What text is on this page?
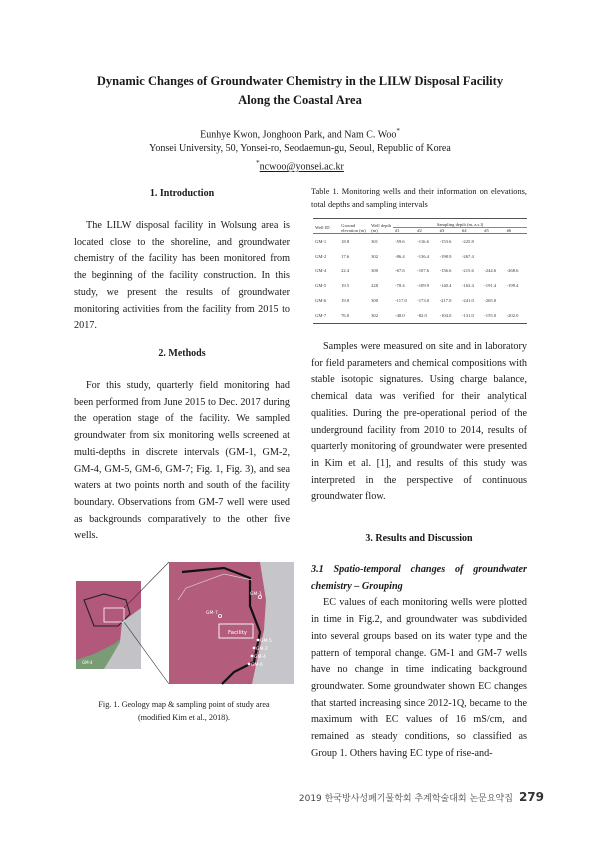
Dynamic Changes of Groundwater Chemistry in the LILW Disposal Facility
Along the Coastal Area
Eunhye Kwon, Jonghoon Park, and Nam C. Woo*
Yonsei University, 50, Yonsei-ro, Seodaemun-gu, Seoul, Republic of Korea
*ncwoo@yonsei.ac.kr
1. Introduction

The LILW disposal facility in Wolsung area is located close to the shoreline, and groundwater chemistry of the facility has been monitored from the beginning of the facility construction. In this study, we present the results of groundwater monitoring activities from the facility from 2015 to 2017.

2. Methods

For this study, quarterly field monitoring had been performed from June 2015 to Dec. 2017 during the operation stage of the facility. We sampled groundwater from six monitoring wells screened at multi-depths in discrete intervals (GM-1, GM-2, GM-4, GM-5, GM-6, GM-7; Fig. 1, Fig. 3), and sea waters at two points north and south of the facility boundary. Observations from GM-7 well were used as backgrounds comparatively to the other five wells.

GM-4
Facility
GM-1
GM-7
GM-5
GM-2
GM-4
GM-6
Fig. 1. Geology map & sampling point of study area
(modified Kim et al., 2018).
Table 1. Monitoring wells and their information on elevations, total depths and sampling intervals
Well ID	Ground elevation (m)	Well depth (m)	Sampling depth (m, a.s.l)					
			#1	#2	#3	#4	#5	#6
GM-1	18.8	301	-59.6	-116.6	-153.6	-225.8		
GM-2	17.6	302	-86.4	-136.4	-198.9	-267.4		
GM-4	22.4	300	-67.6	-107.6	-156.6	-215.6	-244.6	-268.6
GM-5	19.5	228	-78.4	-109.9	-140.4	-163.4	-191.4	-199.4
GM-6	19.0	300	-117.0	-173.0	-217.0	-241.0	-265.0	
GM-7	76.0	302	-48.0	-82.0	-104.0	-131.0	-155.0	-202.0

Samples were measured on site and in laboratory for field parameters and chemical compositions with stable isotopic signatures. Using charge balance, chemical data was verified for their analytical qualities. During the pre-operational period of the underground facility from 2010 to 2014, results of quarterly monitoring of groundwater were presented in Kim et al. [1], and results of this study was interpreted in the perspective of continuous groundwater flow.

3. Results and Discussion
3.1 Spatio-temporal changes of groundwater chemistry – Grouping

EC values of each monitoring wells were plotted in time in Fig.2, and groundwater was subdivided into several groups based on its water type and the pattern of temporal change. GM-1 and GM-7 wells have no change in time indicating background groundwater. Some groundwater shown EC changes that started increasing since 2012-1Q, became to the maximum with EC values of 16 mS/cm, and remained as steady conditions, so classified as Group 1. Others having EC type of rise-and-

2019 한국방사성폐기물학회 추계학술대회 논문요약집 279
